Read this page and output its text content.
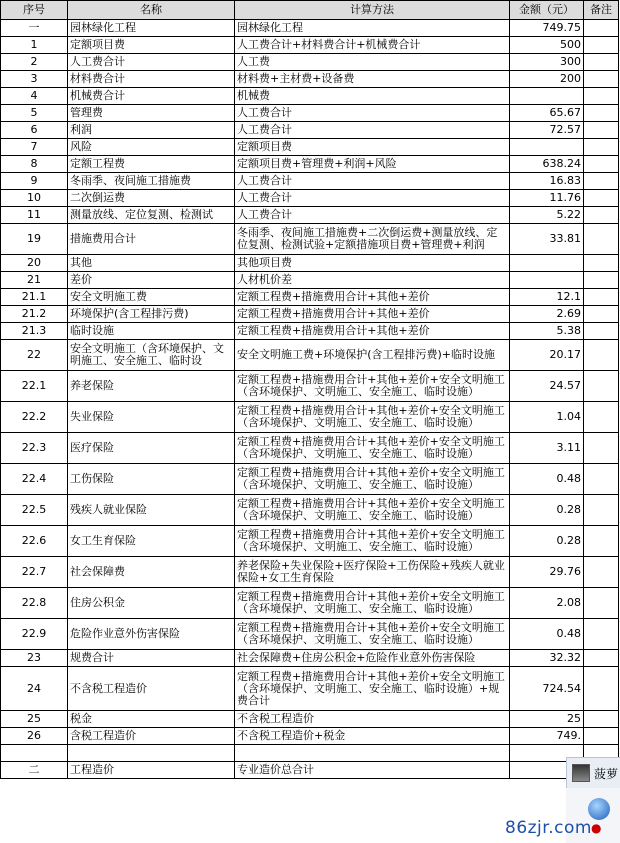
序号	名称	计算方法	金额（元）	备注
一	园林绿化工程	园林绿化工程	749.75	
1	定额项目费	人工费合计+材料费合计+机械费合计	500	
2	人工费合计	人工费	300	
3	材料费合计	材料费+主材费+设备费	200	
4	机械费合计	机械费		

5	管理费	人工费合计	65.67	
6	利润	人工费合计	72.57	
7	风险	定额项目费		

8	定额工程费	定额项目费+管理费+利润+风险	638.24	
9	冬雨季、夜间施工措施费	人工费合计	16.83	
10	二次倒运费	人工费合计	11.76	
11	测量放线、定位复测、检测试	人工费合计	5.22	
19	措施费用合计	冬雨季、夜间施工措施费+二次倒运费+测量放线、定位复测、检测试验+定额措施项目费+管理费+利润	33.81	
20	其他	其他项目费		

21	差价	人材机价差		

21.1	安全文明施工费	定额工程费+措施费用合计+其他+差价	12.1	
21.2	环境保护(含工程排污费)	定额工程费+措施费用合计+其他+差价	2.69	
21.3	临时设施	定额工程费+措施费用合计+其他+差价	5.38	
22	安全文明施工（含环境保护、文明施工、安全施工、临时设	安全文明施工费+环境保护(含工程排污费)+临时设施	20.17	
22.1	养老保险	定额工程费+措施费用合计+其他+差价+安全文明施工（含环境保护、文明施工、安全施工、临时设施）	24.57	
22.2	失业保险	定额工程费+措施费用合计+其他+差价+安全文明施工（含环境保护、文明施工、安全施工、临时设施）	1.04	
22.3	医疗保险	定额工程费+措施费用合计+其他+差价+安全文明施工（含环境保护、文明施工、安全施工、临时设施）	3.11	
22.4	工伤保险	定额工程费+措施费用合计+其他+差价+安全文明施工（含环境保护、文明施工、安全施工、临时设施）	0.48	
22.5	残疾人就业保险	定额工程费+措施费用合计+其他+差价+安全文明施工（含环境保护、文明施工、安全施工、临时设施）	0.28	
22.6	女工生育保险	定额工程费+措施费用合计+其他+差价+安全文明施工（含环境保护、文明施工、安全施工、临时设施）	0.28	
22.7	社会保障费	养老保险+失业保险+医疗保险+工伤保险+残疾人就业保险+女工生育保险	29.76	
22.8	住房公积金	定额工程费+措施费用合计+其他+差价+安全文明施工（含环境保护、文明施工、安全施工、临时设施）	2.08	
22.9	危险作业意外伤害保险	定额工程费+措施费用合计+其他+差价+安全文明施工（含环境保护、文明施工、安全施工、临时设施）	0.48	
23	规费合计	社会保障费+住房公积金+危险作业意外伤害保险	32.32	
24	不含税工程造价	定额工程费+措施费用合计+其他+差价+安全文明施工（含环境保护、文明施工、安全施工、临时设施）+规费合计	724.54	
25	税金	不含税工程造价	25	
26	含税工程造价	不含税工程造价+税金	749.	

二	工程造价	专业造价总合计		
			菠萝
●
86zjr.com
